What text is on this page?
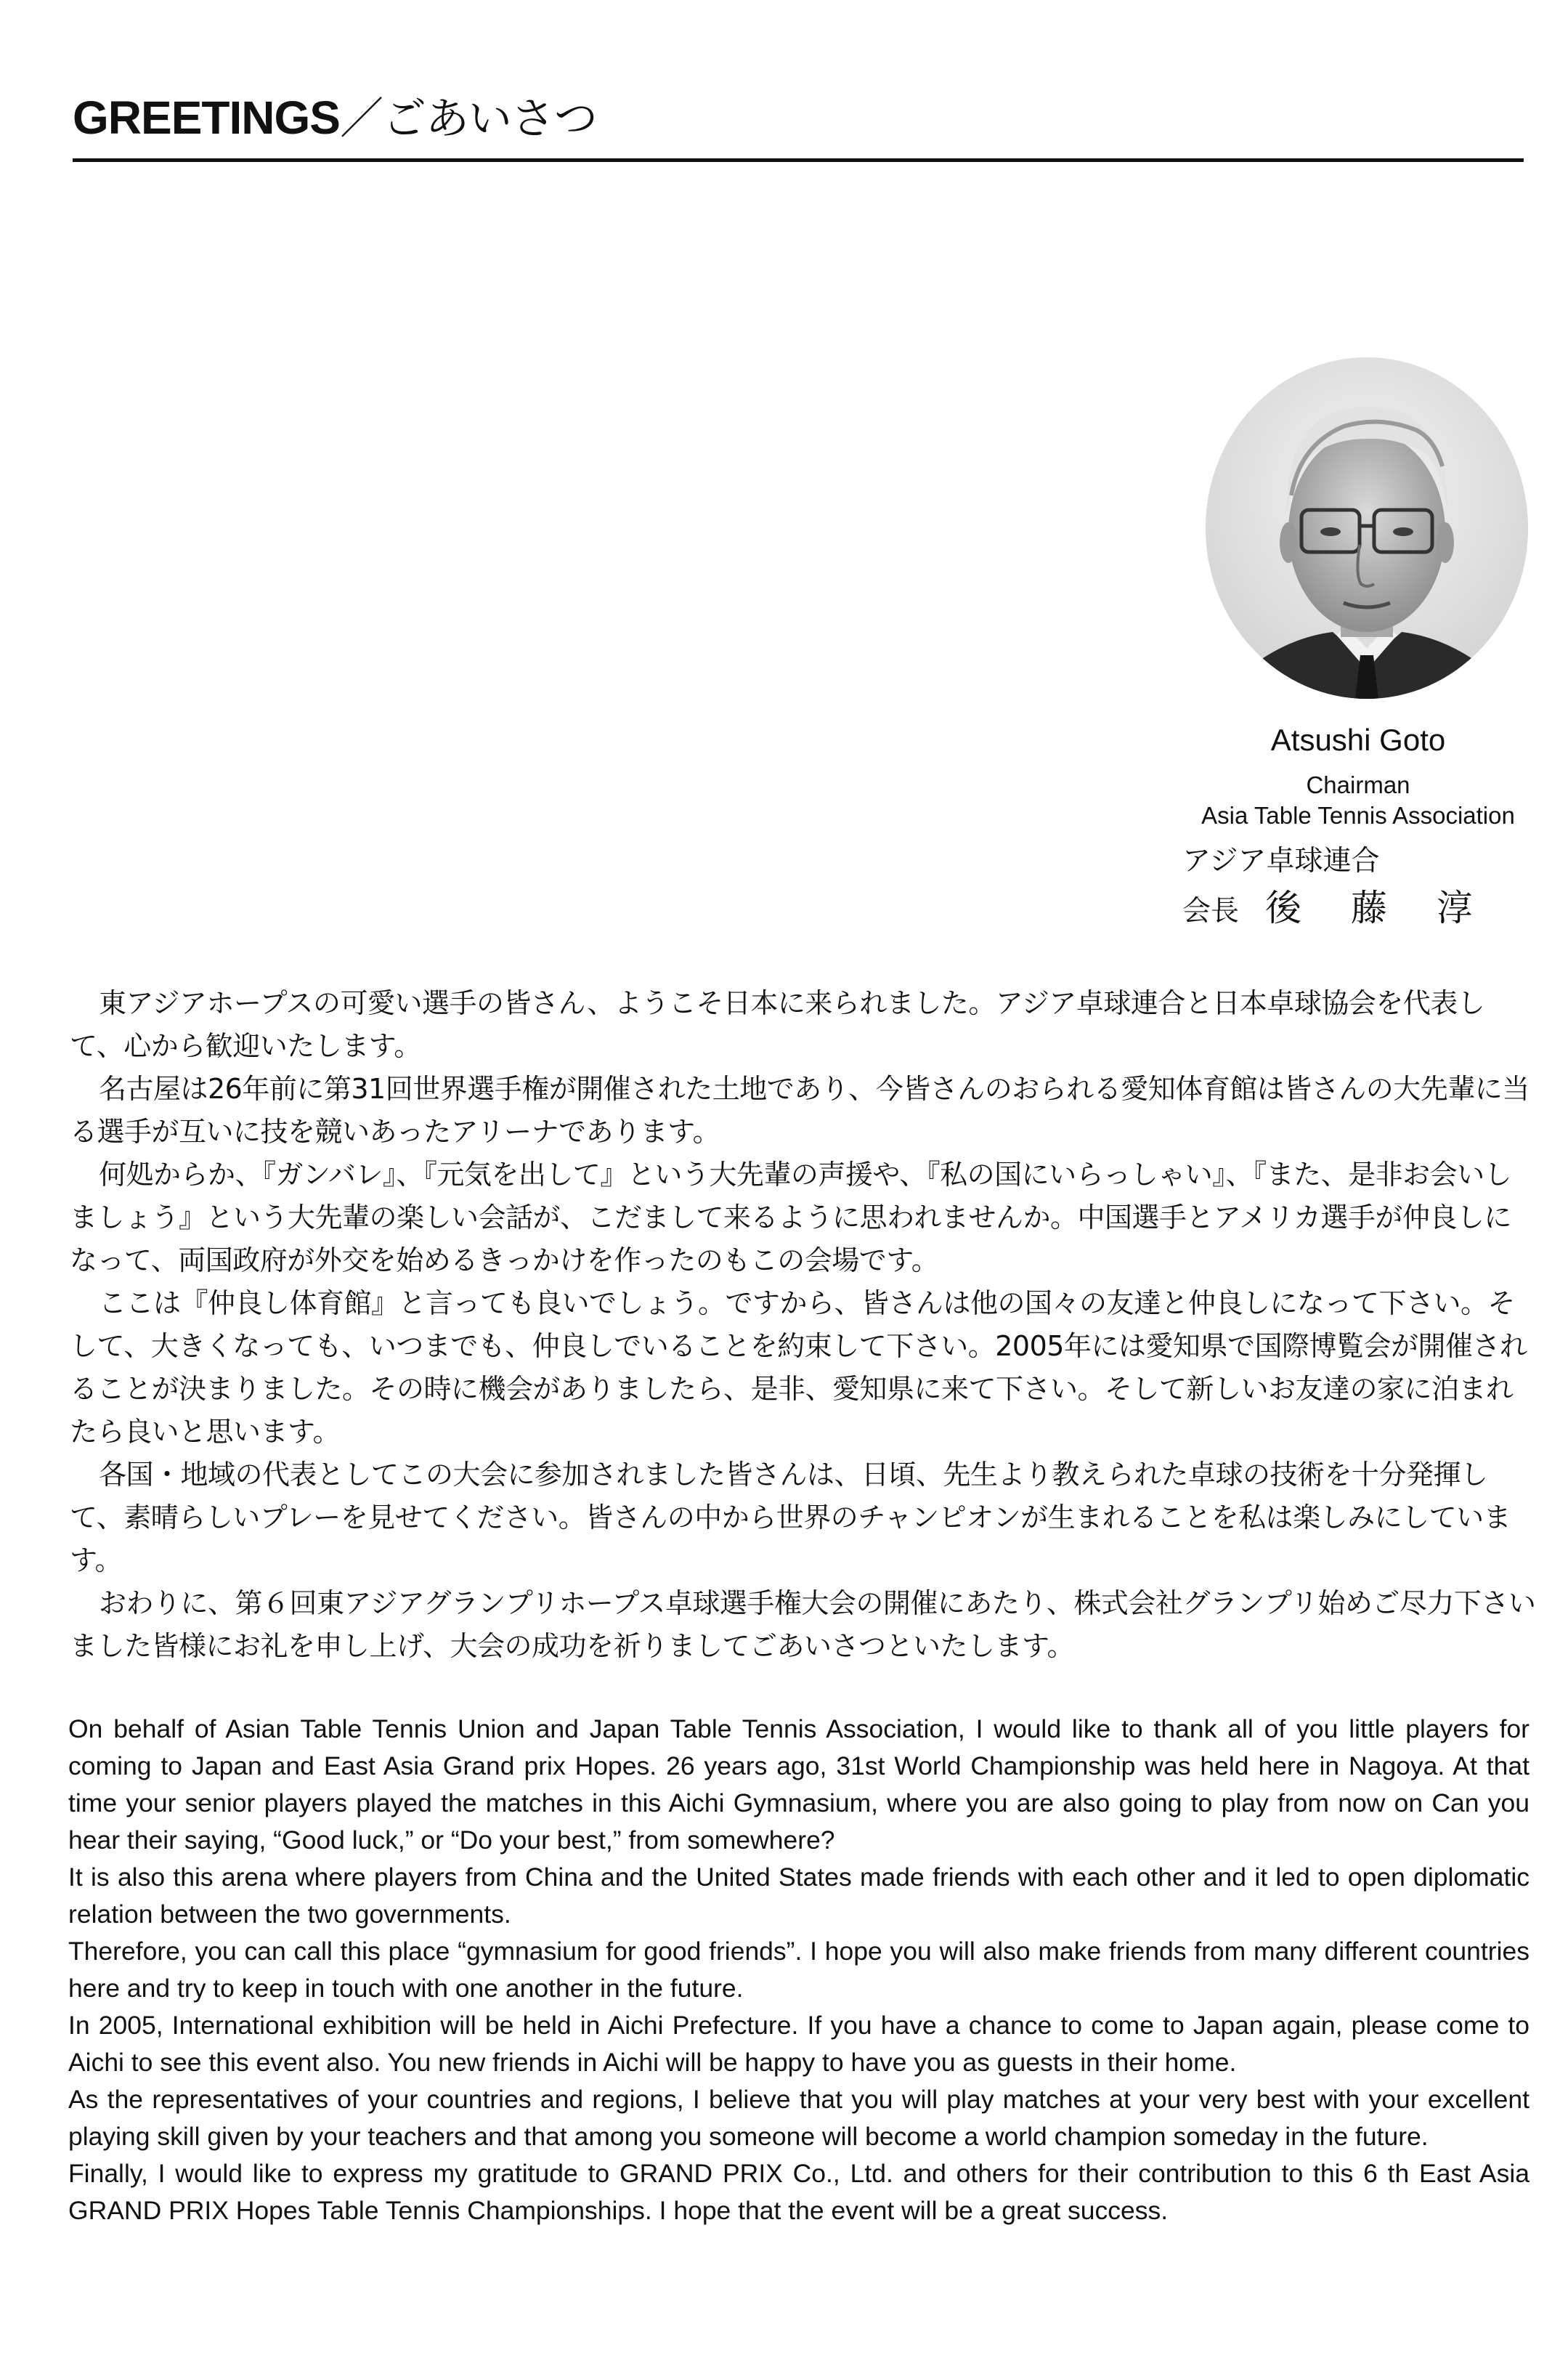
GREETINGS／ごあいさつ
Atsushi Goto
Chairman
Asia Table Tennis Association
アジア卓球連合
会長 後藤淳

東アジアホープスの可愛い選手の皆さん、ようこそ日本に来られました。アジア卓球連合と日本卓球協会を代表して、心から歓迎いたします。

名古屋は26年前に第31回世界選手権が開催された土地であり、今皆さんのおられる愛知体育館は皆さんの大先輩に当る選手が互いに技を競いあったアリーナであります。

何処からか、『ガンバレ』、『元気を出して』という大先輩の声援や、『私の国にいらっしゃい』、『また、是非お会いしましょう』という大先輩の楽しい会話が、こだまして来るように思われませんか。中国選手とアメリカ選手が仲良しになって、両国政府が外交を始めるきっかけを作ったのもこの会場です。

ここは『仲良し体育館』と言っても良いでしょう。ですから、皆さんは他の国々の友達と仲良しになって下さい。そして、大きくなっても、いつまでも、仲良しでいることを約束して下さい。2005年には愛知県で国際博覧会が開催されることが決まりました。その時に機会がありましたら、是非、愛知県に来て下さい。そして新しいお友達の家に泊まれたら良いと思います。

各国・地域の代表としてこの大会に参加されました皆さんは、日頃、先生より教えられた卓球の技術を十分発揮して、素晴らしいプレーを見せてください。皆さんの中から世界のチャンピオンが生まれることを私は楽しみにしています。

おわりに、第６回東アジアグランプリホープス卓球選手権大会の開催にあたり、株式会社グランプリ始めご尽力下さいました皆様にお礼を申し上げ、大会の成功を祈りましてごあいさつといたします。

On behalf of Asian Table Tennis Union and Japan Table Tennis Association, I would like to thank all of you little players for coming to Japan and East Asia Grand prix Hopes. 26 years ago, 31st World Championship was held here in Nagoya. At that time your senior players played the matches in this Aichi Gymnasium, where you are also going to play from now on Can you hear their saying, “Good luck,” or “Do your best,” from somewhere?

It is also this arena where players from China and the United States made friends with each other and it led to open diplomatic relation between the two governments.

Therefore, you can call this place “gymnasium for good friends”. I hope you will also make friends from many different countries here and try to keep in touch with one another in the future.

In 2005, International exhibition will be held in Aichi Prefecture. If you have a chance to come to Japan again, please come to Aichi to see this event also. You new friends in Aichi will be happy to have you as guests in their home.

As the representatives of your countries and regions, I believe that you will play matches at your very best with your excellent playing skill given by your teachers and that among you someone will become a world champion someday in the future.

Finally, I would like to express my gratitude to GRAND PRIX Co., Ltd. and others for their contribution to this 6 th East Asia GRAND PRIX Hopes Table Tennis Championships. I hope that the event will be a great success.
